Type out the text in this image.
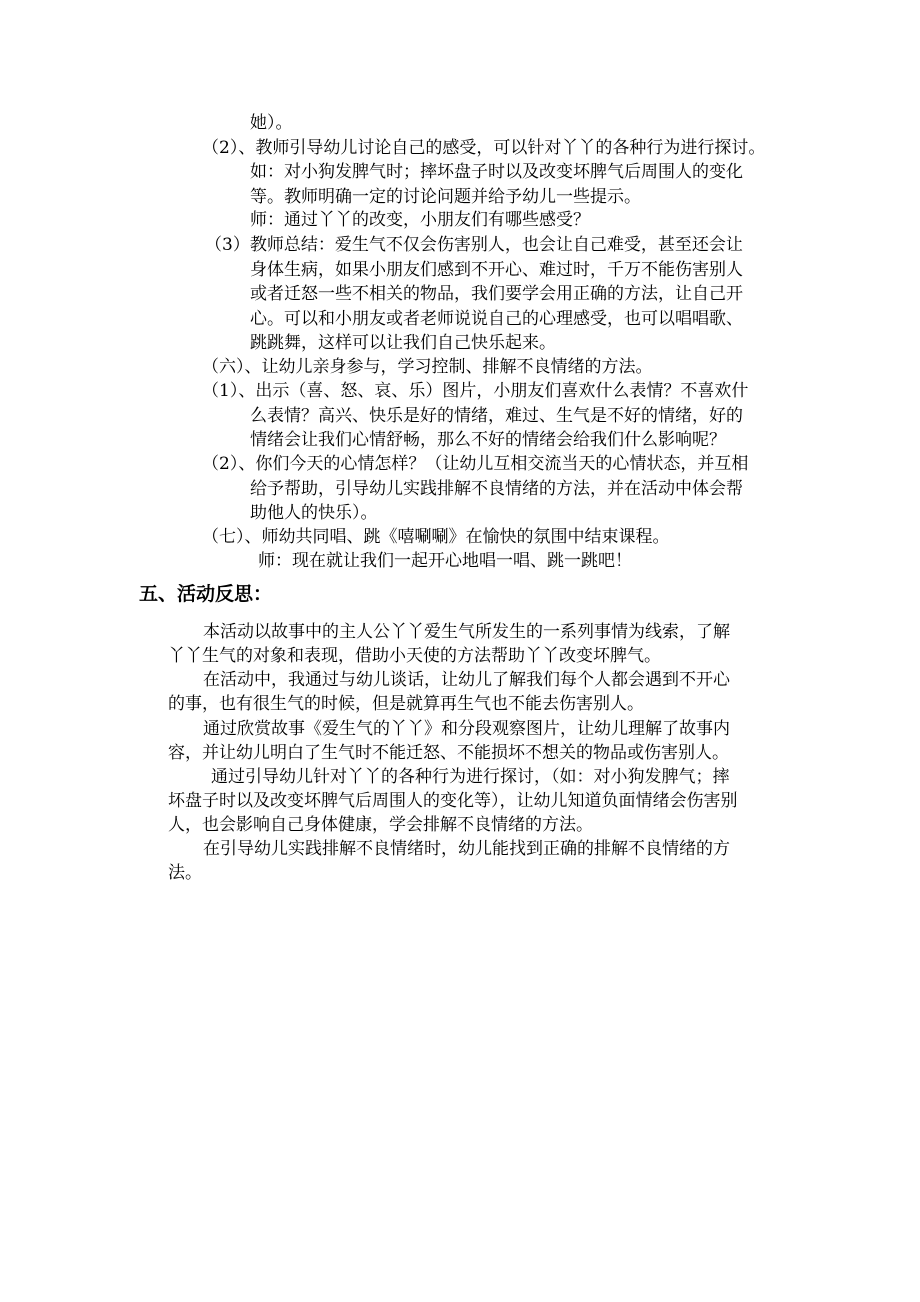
她）。
（2）、教师引导幼儿讨论自己的感受，可以针对丫丫的各种行为进行探讨。
如：对小狗发脾气时；摔坏盘子时以及改变坏脾气后周围人的变化
等。教师明确一定的讨论问题并给予幼儿一些提示。
师：通过丫丫的改变，小朋友们有哪些感受？
（3）教师总结：爱生气不仅会伤害别人，也会让自己难受，甚至还会让
身体生病，如果小朋友们感到不开心、难过时，千万不能伤害别人
或者迁怒一些不相关的物品，我们要学会用正确的方法，让自己开
心。可以和小朋友或者老师说说自己的心理感受，也可以唱唱歌、
跳跳舞，这样可以让我们自己快乐起来。
（六）、让幼儿亲身参与，学习控制、排解不良情绪的方法。
（1）、出示（喜、怒、哀、乐）图片，小朋友们喜欢什么表情？不喜欢什
么表情？高兴、快乐是好的情绪，难过、生气是不好的情绪，好的
情绪会让我们心情舒畅，那么不好的情绪会给我们什么影响呢？
（2）、你们今天的心情怎样？（让幼儿互相交流当天的心情状态，并互相
给予帮助，引导幼儿实践排解不良情绪的方法，并在活动中体会帮
助他人的快乐）。
（七）、师幼共同唱、跳《嘻唰唰》在愉快的氛围中结束课程。
师：现在就让我们一起开心地唱一唱、跳一跳吧！
五、活动反思：
本活动以故事中的主人公丫丫爱生气所发生的一系列事情为线索，了解
丫丫生气的对象和表现，借助小天使的方法帮助丫丫改变坏脾气。
在活动中，我通过与幼儿谈话，让幼儿了解我们每个人都会遇到不开心
的事，也有很生气的时候，但是就算再生气也不能去伤害别人。
通过欣赏故事《爱生气的丫丫》和分段观察图片，让幼儿理解了故事内
容，并让幼儿明白了生气时不能迁怒、不能损坏不想关的物品或伤害别人。
通过引导幼儿针对丫丫的各种行为进行探讨，（如：对小狗发脾气；摔
坏盘子时以及改变坏脾气后周围人的变化等），让幼儿知道负面情绪会伤害别
人，也会影响自己身体健康，学会排解不良情绪的方法。
在引导幼儿实践排解不良情绪时，幼儿能找到正确的排解不良情绪的方
法。
